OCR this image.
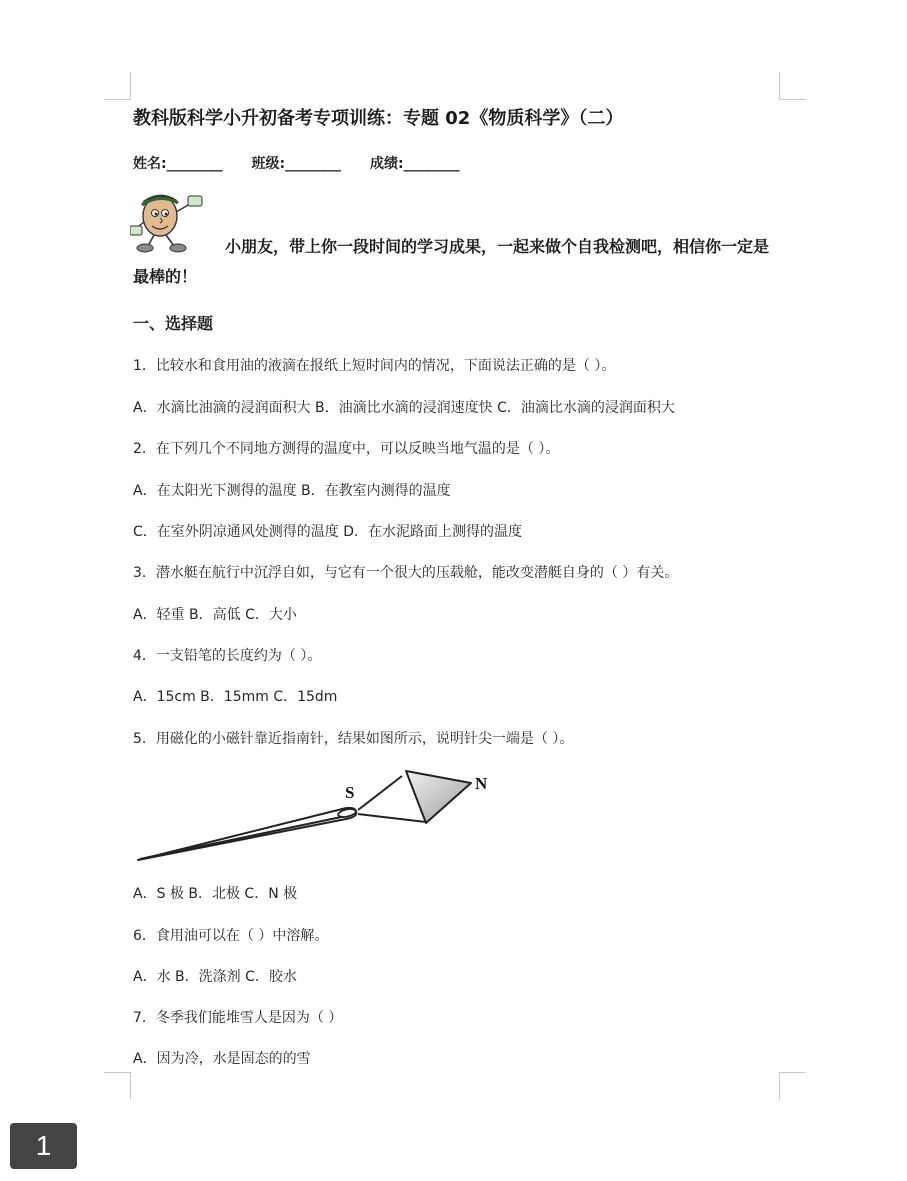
教科版科学小升初备考专项训练：专题 02《物质科学》（二）
姓名:________ 班级:________ 成绩:________

小朋友，带上你一段时间的学习成果，一起来做个自我检测吧，相信你一定是最棒的！

一、选择题
1．比较水和食用油的液滴在报纸上短时间内的情况，下面说法正确的是（ ）。
A．水滴比油滴的浸润面积大 B．油滴比水滴的浸润速度快 C．油滴比水滴的浸润面积大
2．在下列几个不同地方测得的温度中，可以反映当地气温的是（ ）。
A．在太阳光下测得的温度 B．在教室内测得的温度
C．在室外阴凉通风处测得的温度 D．在水泥路面上测得的温度
3．潜水艇在航行中沉浮自如，与它有一个很大的压载舱，能改变潜艇自身的（ ）有关。
A．轻重 B．高低 C．大小
4．一支铅笔的长度约为（ ）。
A．15cm B．15mm C．15dm
5．用磁化的小磁针靠近指南针，结果如图所示，说明针尖一端是（ ）。
S	N
A．S 极 B．北极 C．N 极
6．食用油可以在（ ）中溶解。
A．水 B．洗涤剂 C．胶水
7．冬季我们能堆雪人是因为（ ）
A．因为冷，水是固态的的雪
1
